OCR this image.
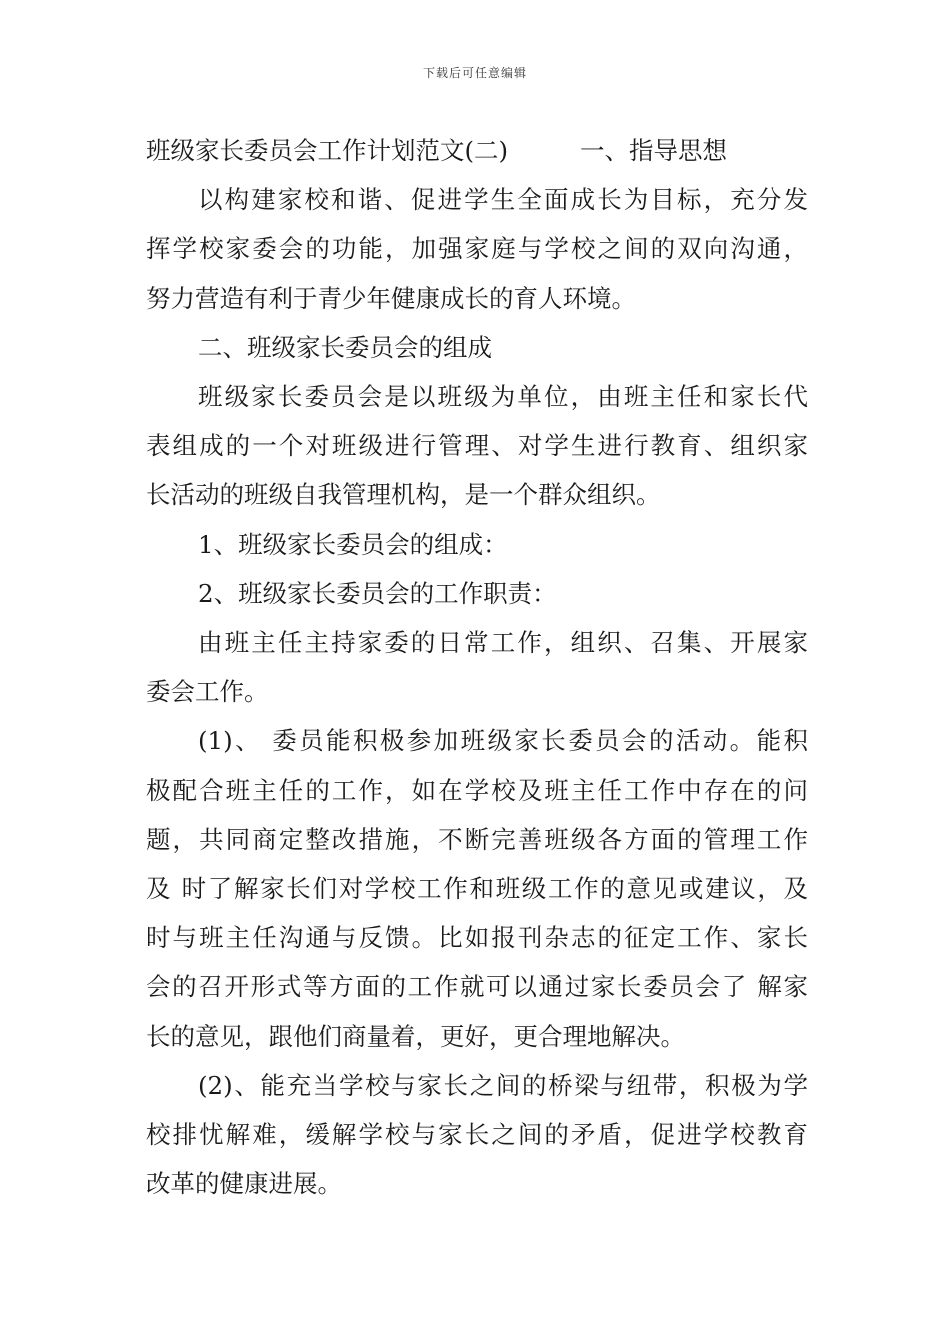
下载后可任意编辑

班级家长委员会工作计划范文(二)	一、指导思想

以构建家校和谐、促进学生全面成长为目标，充分发

挥学校家委会的功能，加强家庭与学校之间的双向沟通，

努力营造有利于青少年健康成长的育人环境。

二、班级家长委员会的组成

班级家长委员会是以班级为单位，由班主任和家长代

表组成的一个对班级进行管理、对学生进行教育、组织家

长活动的班级自我管理机构，是一个群众组织。

1、班级家长委员会的组成：

2、班级家长委员会的工作职责：

由班主任主持家委的日常工作，组织、召集、开展家

委会工作。

(1)、 委员能积极参加班级家长委员会的活动。能积

极配合班主任的工作，如在学校及班主任工作中存在的问

题，共同商定整改措施，不断完善班级各方面的管理工作

及 时了解家长们对学校工作和班级工作的意见或建议，及

时与班主任沟通与反馈。比如报刊杂志的征定工作、家长

会的召开形式等方面的工作就可以通过家长委员会了 解家

长的意见，跟他们商量着，更好，更合理地解决。

(2)、能充当学校与家长之间的桥梁与纽带，积极为学

校排忧解难，缓解学校与家长之间的矛盾，促进学校教育

改革的健康进展。
